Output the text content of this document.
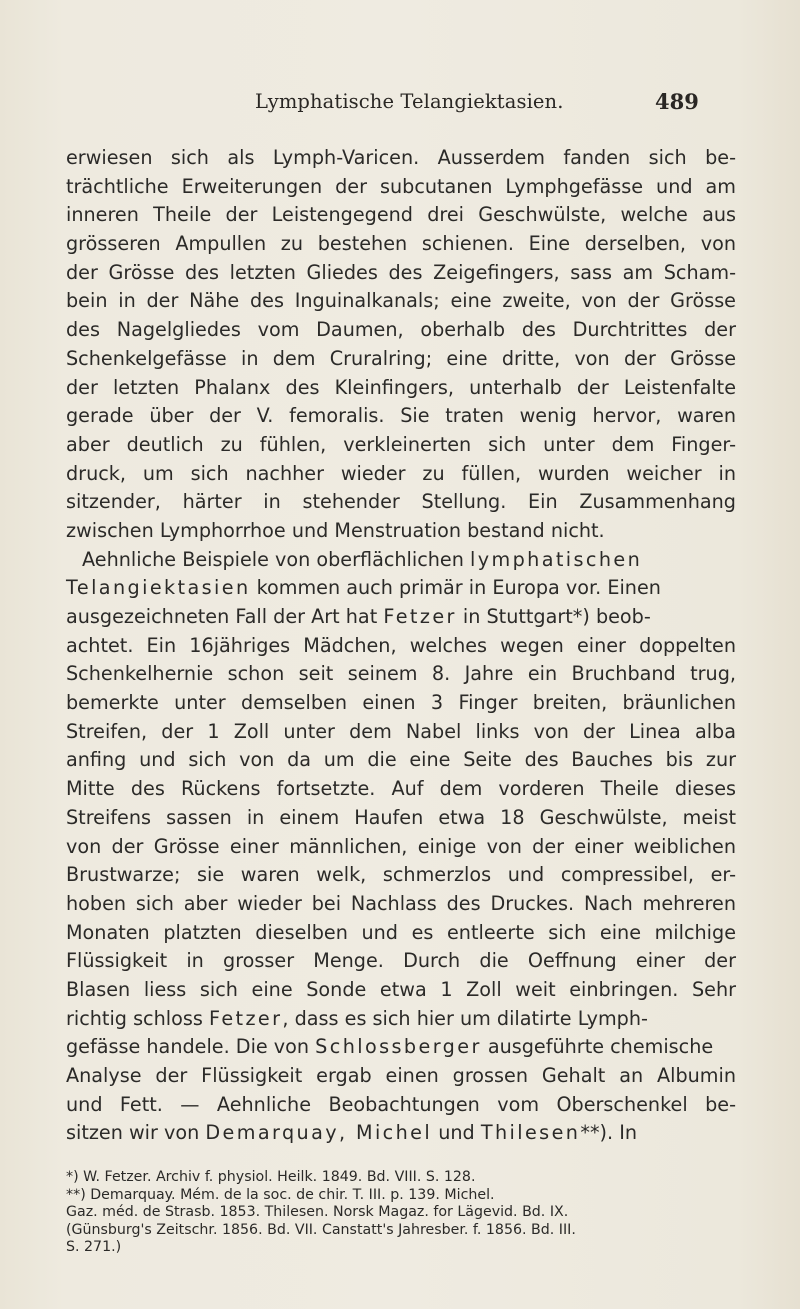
Lymphatische Telangiektasien.	489
erwiesen sich als Lymph-Varicen. Ausserdem fanden sich be-
trächtliche Erweiterungen der subcutanen Lymphgefässe und am
inneren Theile der Leistengegend drei Geschwülste, welche aus
grösseren Ampullen zu bestehen schienen. Eine derselben, von
der Grösse des letzten Gliedes des Zeigefingers, sass am Scham-
bein in der Nähe des Inguinalkanals; eine zweite, von der Grösse
des Nagelgliedes vom Daumen, oberhalb des Durchtrittes der
Schenkelgefässe in dem Cruralring; eine dritte, von der Grösse
der letzten Phalanx des Kleinfingers, unterhalb der Leistenfalte
gerade über der V. femoralis. Sie traten wenig hervor, waren
aber deutlich zu fühlen, verkleinerten sich unter dem Finger-
druck, um sich nachher wieder zu füllen, wurden weicher in
sitzender, härter in stehender Stellung. Ein Zusammenhang
zwischen Lymphorrhoe und Menstruation bestand nicht.
Aehnliche Beispiele von oberflächlichen lymphatischen
Telangiektasien kommen auch primär in Europa vor. Einen
ausgezeichneten Fall der Art hat Fetzer in Stuttgart*) beob-
achtet. Ein 16jähriges Mädchen, welches wegen einer doppelten
Schenkelhernie schon seit seinem 8. Jahre ein Bruchband trug,
bemerkte unter demselben einen 3 Finger breiten, bräunlichen
Streifen, der 1 Zoll unter dem Nabel links von der Linea alba
anfing und sich von da um die eine Seite des Bauches bis zur
Mitte des Rückens fortsetzte. Auf dem vorderen Theile dieses
Streifens sassen in einem Haufen etwa 18 Geschwülste, meist
von der Grösse einer männlichen, einige von der einer weiblichen
Brustwarze; sie waren welk, schmerzlos und compressibel, er-
hoben sich aber wieder bei Nachlass des Druckes. Nach mehreren
Monaten platzten dieselben und es entleerte sich eine milchige
Flüssigkeit in grosser Menge. Durch die Oeffnung einer der
Blasen liess sich eine Sonde etwa 1 Zoll weit einbringen. Sehr
richtig schloss Fetzer, dass es sich hier um dilatirte Lymph-
gefässe handele. Die von Schlossberger ausgeführte chemische
Analyse der Flüssigkeit ergab einen grossen Gehalt an Albumin
und Fett. — Aehnliche Beobachtungen vom Oberschenkel be-
sitzen wir von Demarquay, Michel und Thilesen**). In
*) W. Fetzer. Archiv f. physiol. Heilk. 1849. Bd. VIII. S. 128.
**) Demarquay. Mém. de la soc. de chir. T. III. p. 139. Michel.
Gaz. méd. de Strasb. 1853. Thilesen. Norsk Magaz. for Lägevid. Bd. IX.
(Günsburg's Zeitschr. 1856. Bd. VII. Canstatt's Jahresber. f. 1856. Bd. III.
S. 271.)
